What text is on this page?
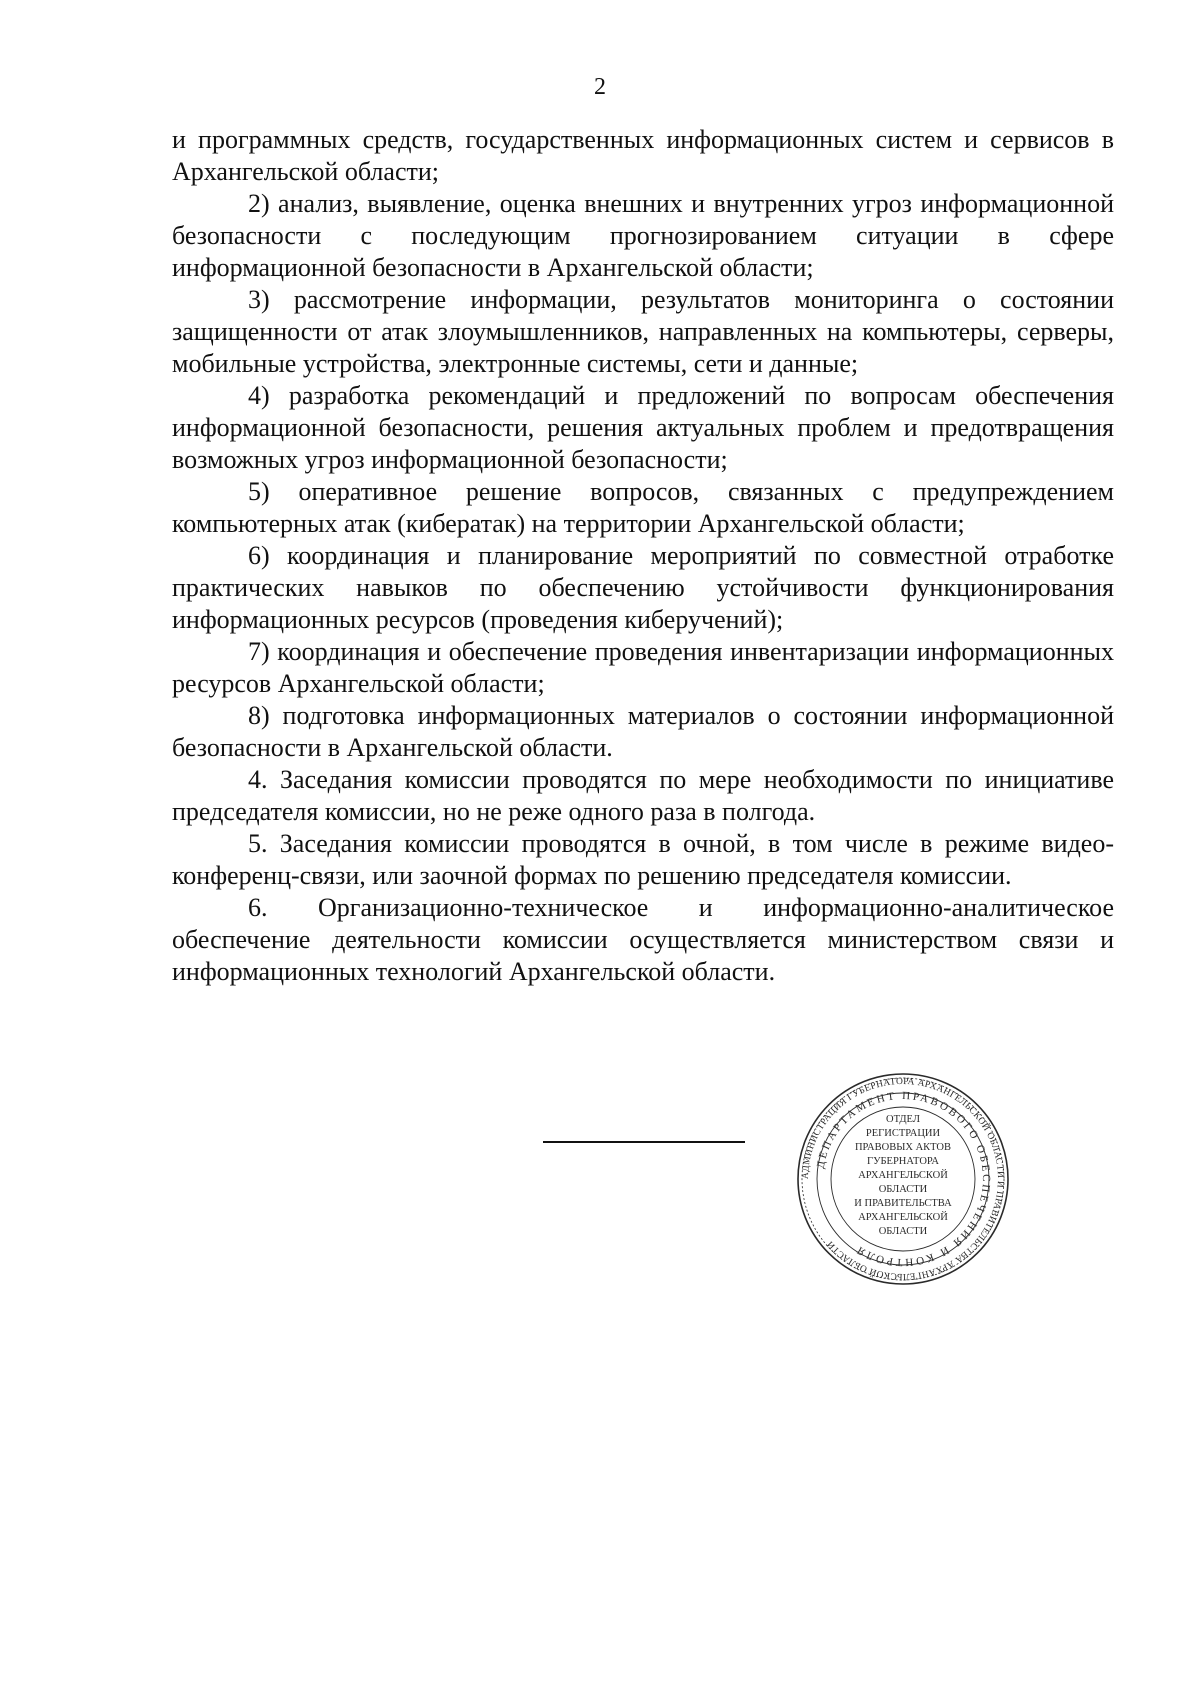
2

и программных средств, государственных информационных систем и сервисов в Архангельской области;

2) анализ, выявление, оценка внешних и внутренних угроз информационной безопасности с последующим прогнозированием ситуации в сфере информационной безопасности в Архангельской области;

3) рассмотрение информации, результатов мониторинга о состоянии защищенности от атак злоумышленников, направленных на компьютеры, серверы, мобильные устройства, электронные системы, сети и данные;

4) разработка рекомендаций и предложений по вопросам обеспечения информационной безопасности, решения актуальных проблем и предотвращения возможных угроз информационной безопасности;

5) оперативное решение вопросов, связанных с предупреждением компьютерных атак (кибератак) на территории Архангельской области;

6) координация и планирование мероприятий по совместной отработке практических навыков по обеспечению устойчивости функционирования информационных ресурсов (проведения киберучений);

7) координация и обеспечение проведения инвентаризации информационных ресурсов Архангельской области;

8) подготовка информационных материалов о состоянии информационной безопасности в Архангельской области.

4. Заседания комиссии проводятся по мере необходимости по инициативе председателя комиссии, но не реже одного раза в полгода.

5. Заседания комиссии проводятся в очной, в том числе в режиме видео-конференц-связи, или заочной формах по решению председателя комиссии.

6. Организационно-техническое и информационно-аналитическое обеспечение деятельности комиссии осуществляется министерством связи и информационных технологий Архангельской области.

АДМИНИСТРАЦИЯ ГУБЕРНАТОРА АРХАНГЕЛЬСКОЙ ОБЛАСТИ И ПРАВИТЕЛЬСТВА АРХАНГЕЛЬСКОЙ ОБЛАСТИ
ДЕПАРТАМЕНТ ПРАВОВОГО ОБЕСПЕЧЕНИЯ И КОНТРОЛЯ
ОТДЕЛ
РЕГИСТРАЦИИ
ПРАВОВЫХ АКТОВ
ГУБЕРНАТОРА
АРХАНГЕЛЬСКОЙ
ОБЛАСТИ
И ПРАВИТЕЛЬСТВА
АРХАНГЕЛЬСКОЙ
ОБЛАСТИ
